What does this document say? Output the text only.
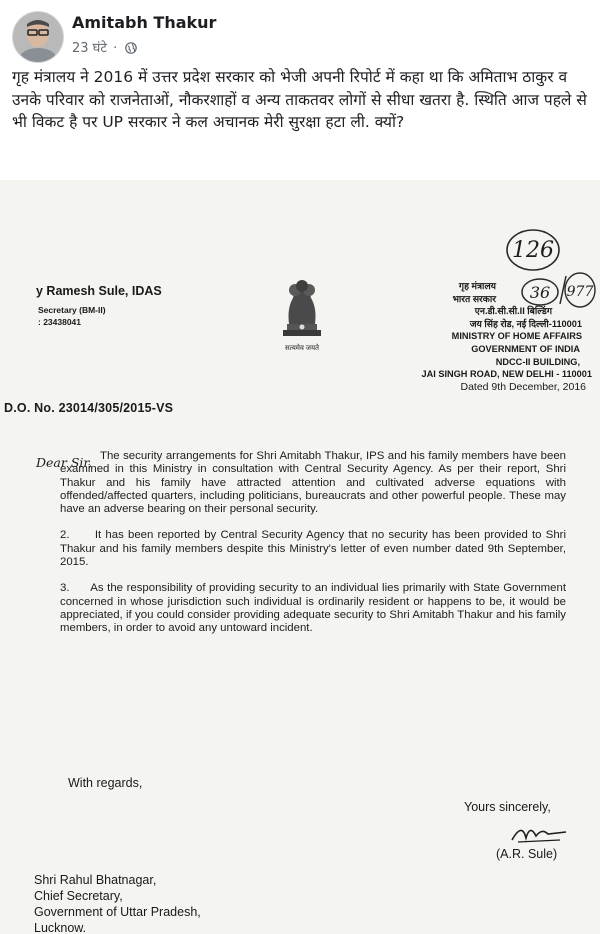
Amitabh Thakur
23 घंटे ·

गृह मंत्रालय ने 2016 में उत्तर प्रदेश सरकार को भेजी अपनी रिपोर्ट में कहा था कि अमिताभ ठाकुर व उनके परिवार को राजनेताओं, नौकरशाहों व अन्य ताकतवर लोगों से सीधा खतरा है. स्थिति आज पहले से भी विकट है पर UP सरकार ने कल अचानक मेरी सुरक्षा हटा ली. क्यों?

y Ramesh Sule, IDAS
Secretary (BM-II)
: 23438041
सत्यमेव जयते
126
36 977
गृह मंत्रालय
भारत सरकार
एन.डी.सी.सी.II बिल्डिंग
जय सिंह रोड, नई दिल्ली-110001
MINISTRY OF HOME AFFAIRS
GOVERNMENT OF INDIA
NDCC-II BUILDING,
JAI SINGH ROAD, NEW DELHI - 110001
Dated 9th December, 2016
D.O. No. 23014/305/2015-VS
Dear Sir, The security arrangements for Shri Amitabh Thakur, IPS and his family members have been examined in this Ministry in consultation with Central Security Agency. As per their report, Shri Thakur and his family have attracted attention and cultivated adverse equations with offended/affected quarters, including politicians, bureaucrats and other powerful people. These may have an adverse bearing on their personal security.

2.      It has been reported by Central Security Agency that no security has been provided to Shri Thakur and his family members despite this Ministry's letter of even number dated 9th September, 2015.

3.      As the responsibility of providing security to an individual lies primarily with State Government concerned in whose jurisdiction such individual is ordinarily resident or happens to be, it would be appreciated, if you could consider providing adequate security to Shri Amitabh Thakur and his family members, in order to avoid any untoward incident.

With regards,
Yours sincerely,
(A.R. Sule)
Shri Rahul Bhatnagar,
Chief Secretary,
Government of Uttar Pradesh,
Lucknow.
